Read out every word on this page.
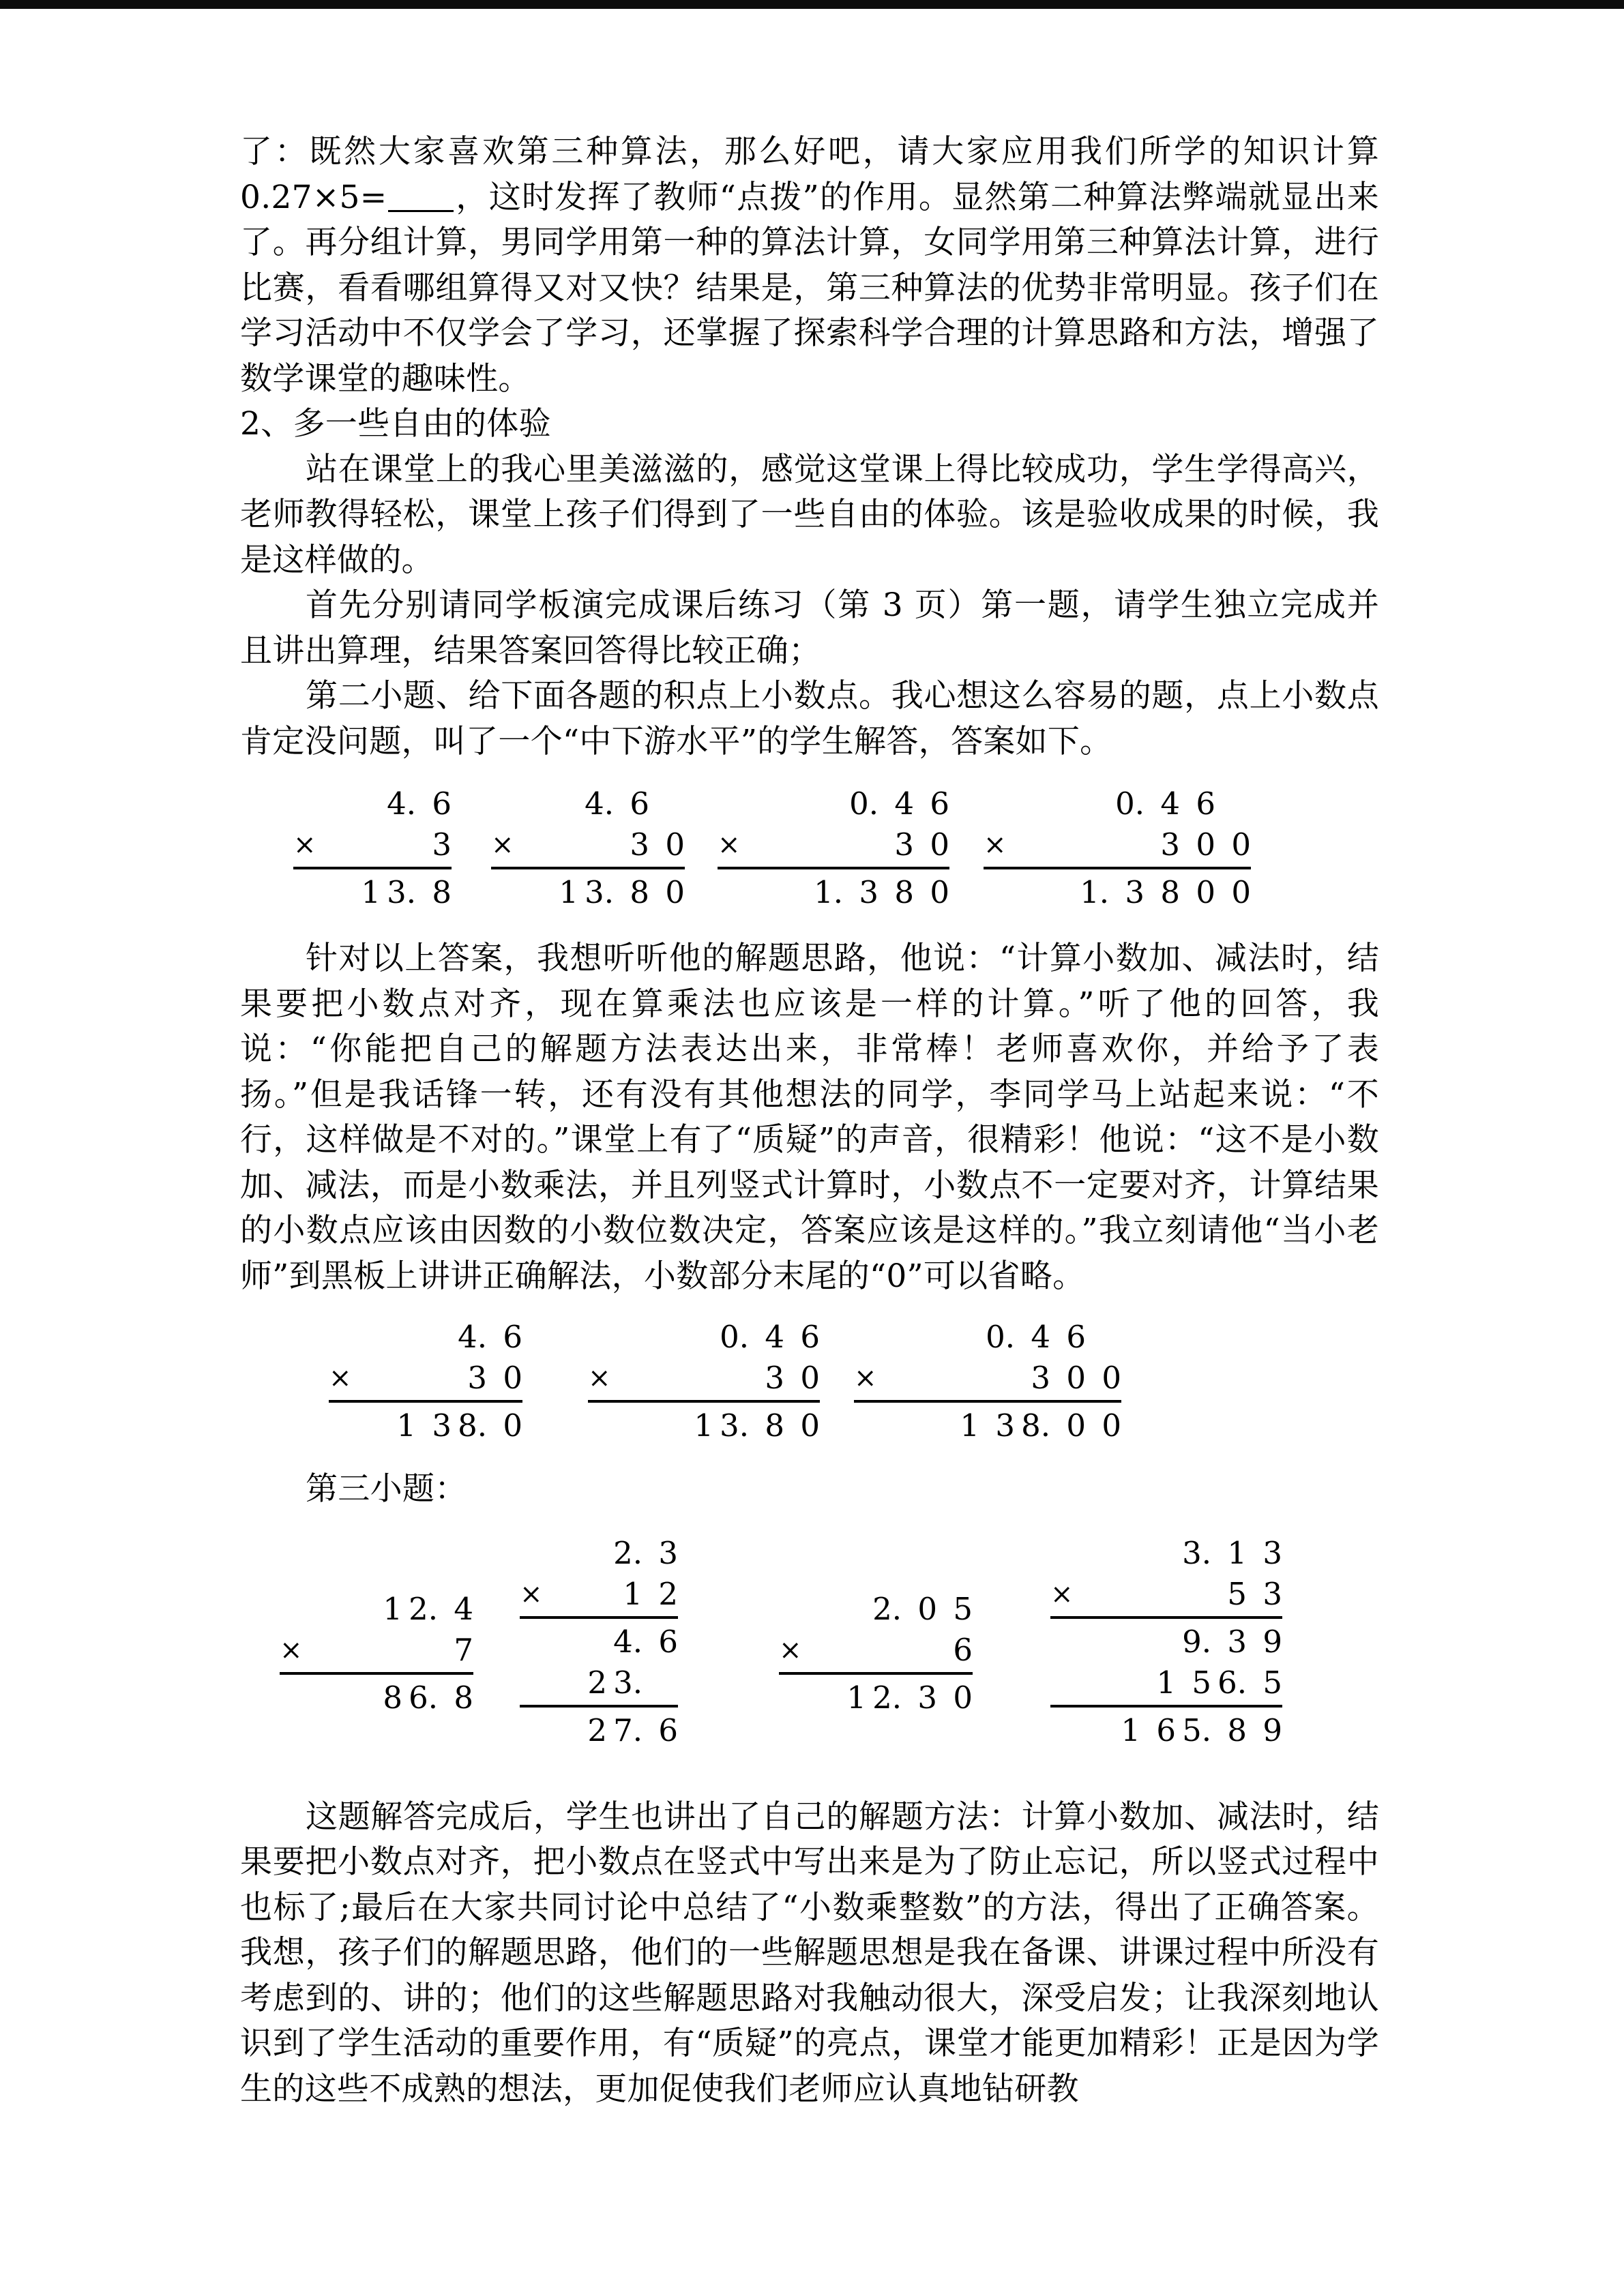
了：既然大家喜欢第三种算法，那么好吧，请大家应用我们所学的知识计算0.27×5= ，这时发挥了教师“点拨”的作用。显然第二种算法弊端就显出来了。再分组计算，男同学用第一种的算法计算，女同学用第三种算法计算，进行比赛，看看哪组算得又对又快？结果是，第三种算法的优势非常明显。孩子们在学习活动中不仅学会了学习，还掌握了探索科学合理的计算思路和方法，增强了数学课堂的趣味性。

2、多一些自由的体验

站在课堂上的我心里美滋滋的，感觉这堂课上得比较成功，学生学得高兴，老师教得轻松，课堂上孩子们得到了一些自由的体验。该是验收成果的时候，我是这样做的。

首先分别请同学板演完成课后练习（第 3 页）第一题，请学生独立完成并且讲出算理，结果答案回答得比较正确；

第二小题、给下面各题的积点上小数点。我心想这么容易的题，点上小数点肯定没问题，叫了一个“中下游水平”的学生解答，答案如下。

4. 6
×	3
1 3. 8
4. 6
×	3 0
1 3. 8 0
0. 4 6
×	3 0
1. 3 8 0
0. 4 6
×	3 0 0
1. 3 8 0 0

针对以上答案，我想听听他的解题思路，他说：“计算小数加、减法时，结果要把小数点对齐，现在算乘法也应该是一样的计算。”听了他的回答，我说：“你能把自己的解题方法表达出来，非常棒！老师喜欢你，并给予了表扬。”但是我话锋一转，还有没有其他想法的同学，李同学马上站起来说：“不行，这样做是不对的。”课堂上有了“质疑”的声音，很精彩！他说：“这不是小数加、减法，而是小数乘法，并且列竖式计算时，小数点不一定要对齐，计算结果的小数点应该由因数的小数位数决定，答案应该是这样的。”我立刻请他“当小老师”到黑板上讲讲正确解法，小数部分末尾的“0”可以省略。

4. 6
×	3 0
1 3 8. 0
0. 4 6
×	3 0
1 3. 8 0
0. 4 6
×	3 0 0
1 3 8. 0 0

第三小题：

1 2. 4
×	7
8 6. 8
2. 3
×	1 2
4. 6
2 3.
2 7. 6
2. 0 5
×	6
1 2. 3 0
3. 1 3
×	5 3
9. 3 9
1 5 6. 5
1 6 5. 8 9

这题解答完成后，学生也讲出了自己的解题方法：计算小数加、减法时，结果要把小数点对齐，把小数点在竖式中写出来是为了防止忘记，所以竖式过程中也标了;最后在大家共同讨论中总结了“小数乘整数”的方法，得出了正确答案。我想，孩子们的解题思路，他们的一些解题思想是我在备课、讲课过程中所没有考虑到的、讲的；他们的这些解题思路对我触动很大，深受启发；让我深刻地认识到了学生活动的重要作用，有“质疑”的亮点，课堂才能更加精彩！正是因为学生的这些不成熟的想法，更加促使我们老师应认真地钻研教
